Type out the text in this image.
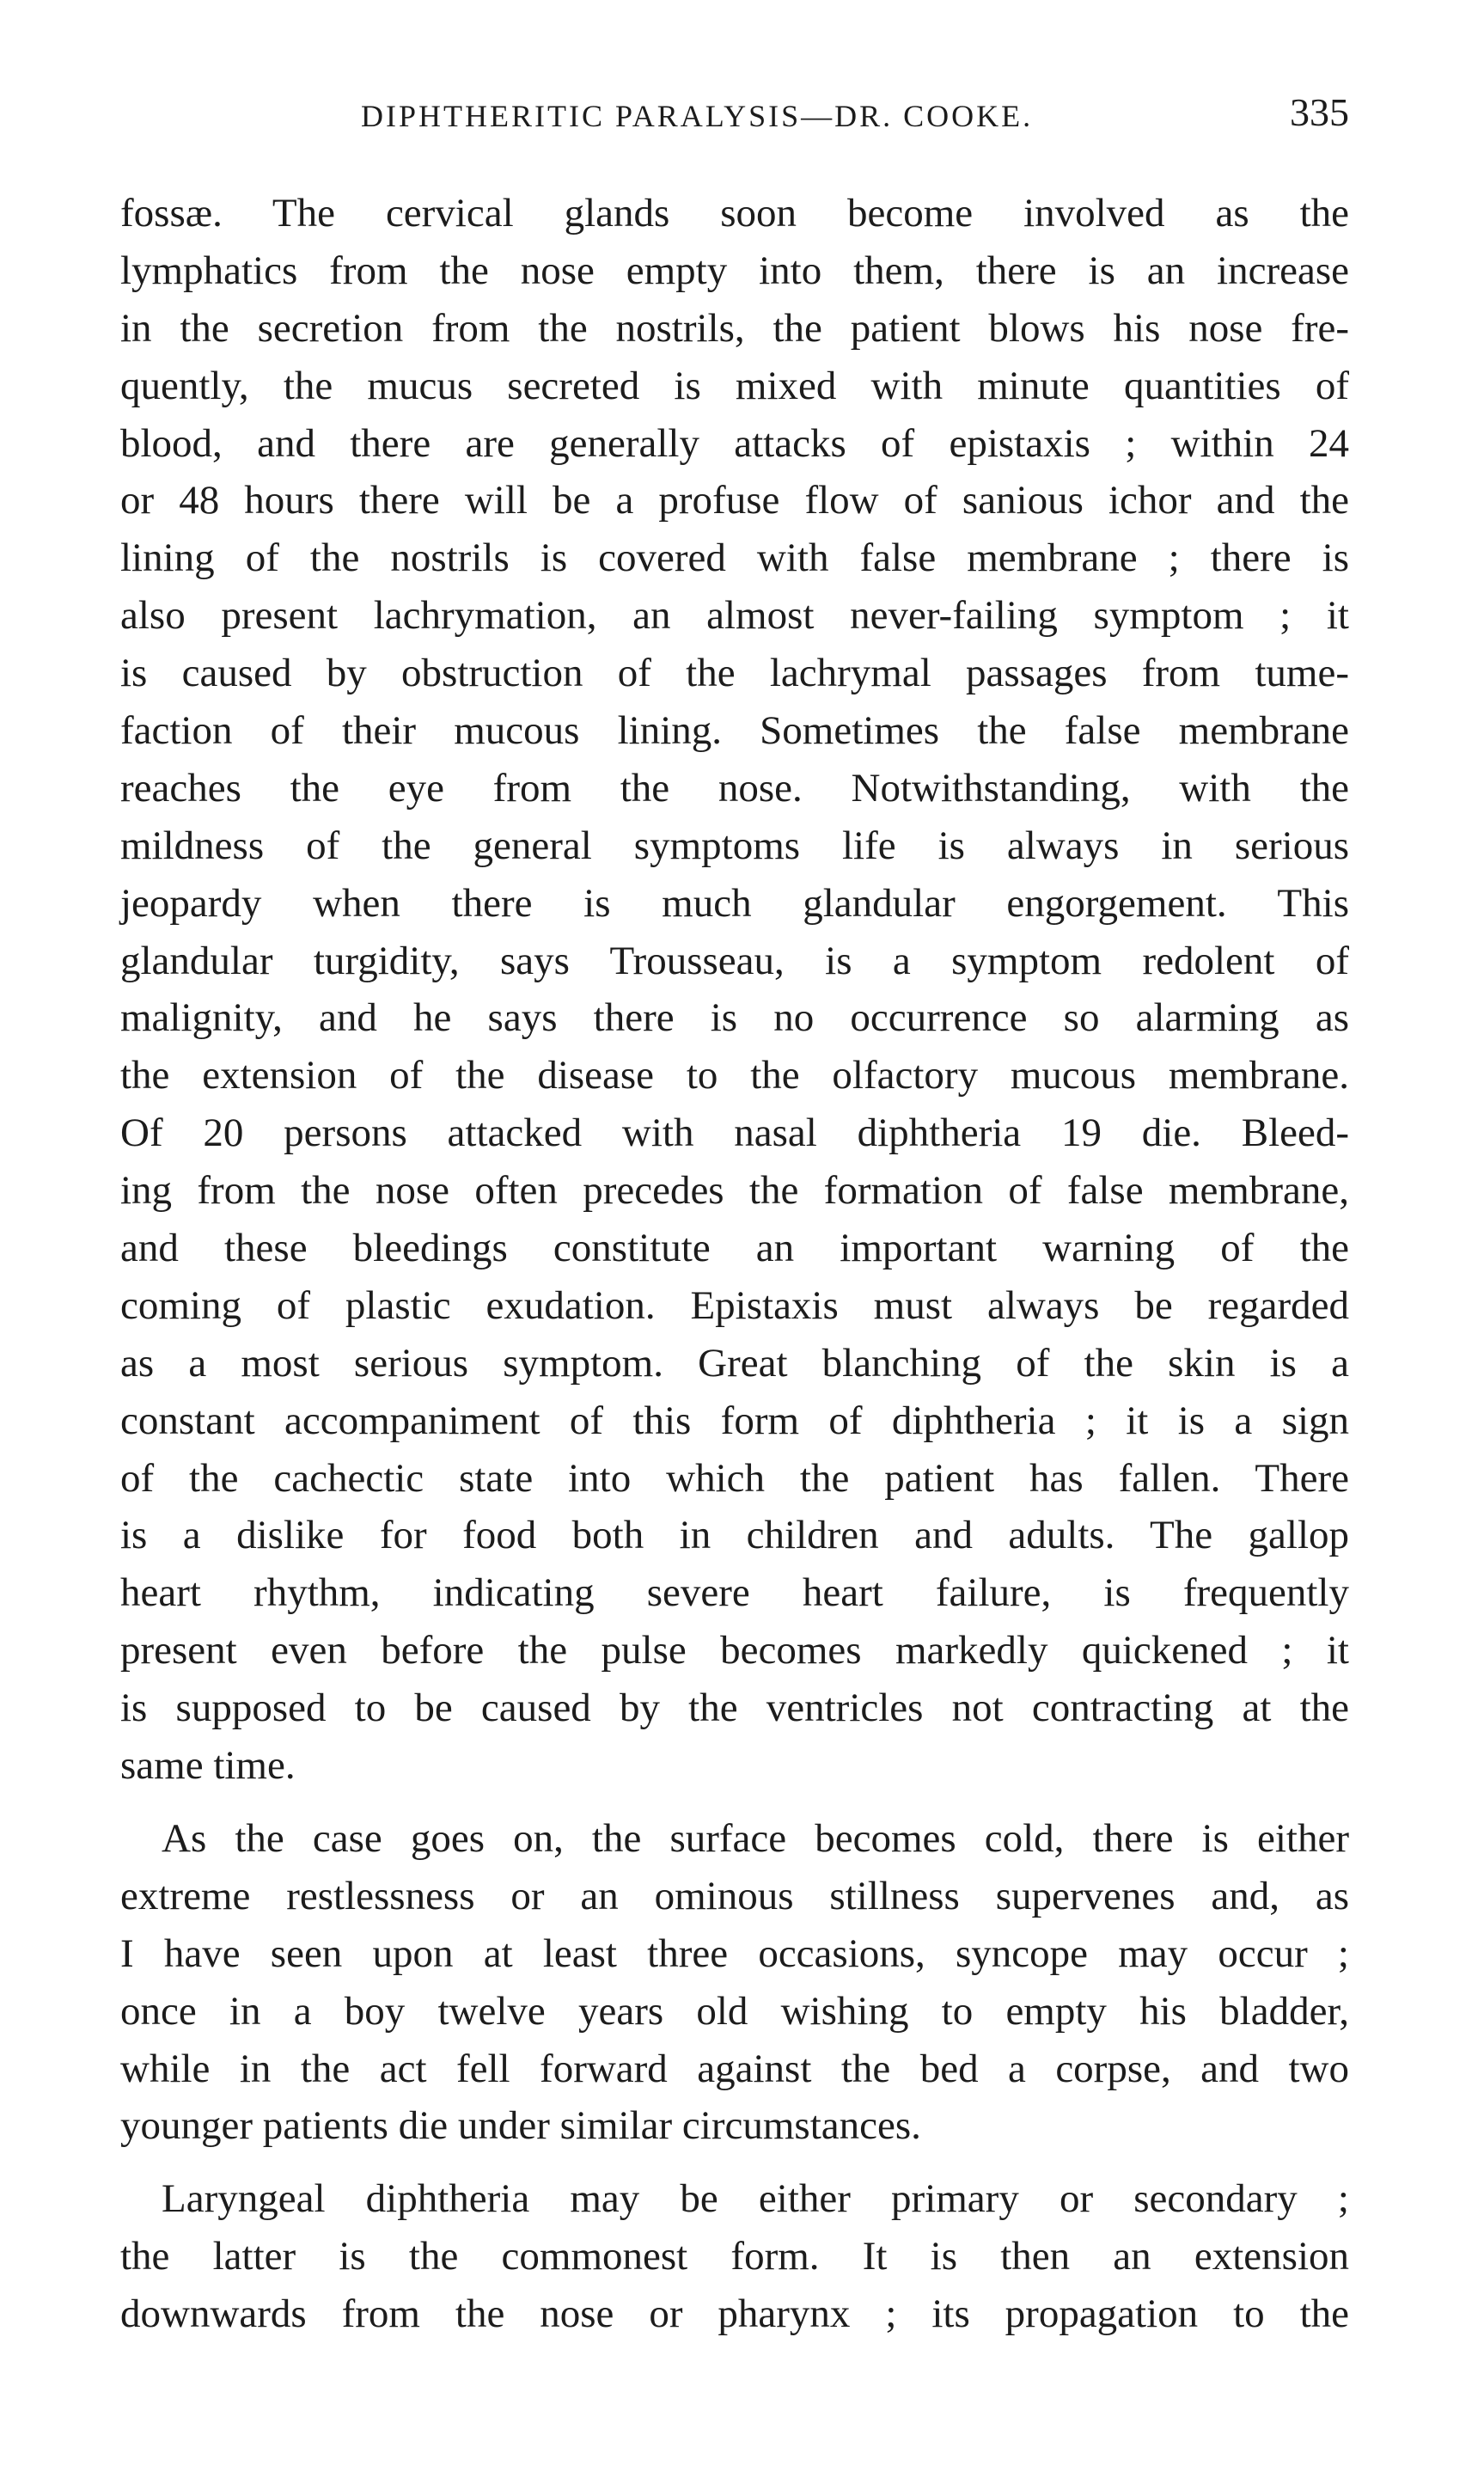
DIPHTHERITIC PARALYSIS—DR. COOKE.	335
fossæ. The cervical glands soon become involved as the
lymphatics from the nose empty into them, there is an increase
in the secretion from the nostrils, the patient blows his nose fre-
quently, the mucus secreted is mixed with minute quantities of
blood, and there are generally attacks of epistaxis ; within 24
or 48 hours there will be a profuse flow of sanious ichor and the
lining of the nostrils is covered with false membrane ; there is
also present lachrymation, an almost never-failing symptom ; it
is caused by obstruction of the lachrymal passages from tume-
faction of their mucous lining. Sometimes the false membrane
reaches the eye from the nose. Notwithstanding, with the
mildness of the general symptoms life is always in serious
jeopardy when there is much glandular engorgement. This
glandular turgidity, says Trousseau, is a symptom redolent of
malignity, and he says there is no occurrence so alarming as
the extension of the disease to the olfactory mucous membrane.
Of 20 persons attacked with nasal diphtheria 19 die. Bleed-
ing from the nose often precedes the formation of false membrane,
and these bleedings constitute an important warning of the
coming of plastic exudation. Epistaxis must always be regarded
as a most serious symptom. Great blanching of the skin is a
constant accompaniment of this form of diphtheria ; it is a sign
of the cachectic state into which the patient has fallen. There
is a dislike for food both in children and adults. The gallop
heart rhythm, indicating severe heart failure, is frequently
present even before the pulse becomes markedly quickened ; it
is supposed to be caused by the ventricles not contracting at the
same time.
As the case goes on, the surface becomes cold, there is either
extreme restlessness or an ominous stillness supervenes and, as
I have seen upon at least three occasions, syncope may occur ;
once in a boy twelve years old wishing to empty his bladder,
while in the act fell forward against the bed a corpse, and two
younger patients die under similar circumstances.
Laryngeal diphtheria may be either primary or secondary ;
the latter is the commonest form. It is then an extension
downwards from the nose or pharynx ; its propagation to the
